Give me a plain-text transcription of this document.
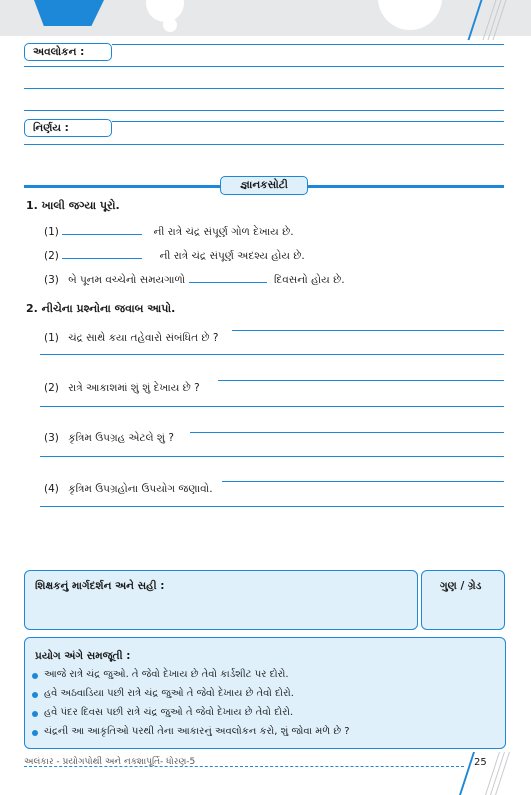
અવલોકન :
નિર્ણય :
જ્ઞાનકસોટી
1. ખાલી જગ્યા પૂરો.
(1)	ની રાત્રે ચંદ્ર સંપૂર્ણ ગોળ દેખાય છે.
(2)	ની રાત્રે ચંદ્ર સંપૂર્ણ અદશ્ય હોય છે.
(3) બે પૂનમ વચ્ચેનો સમયગાળો	દિવસનો હોય છે.
2. નીચેના પ્રશ્નોના જવાબ આપો.
(1) ચંદ્ર સાથે કયા તહેવારો સંબંધિત છે ?
(2) રાત્રે આકાશમાં શું શું દેખાય છે ?
(3) કૃત્રિમ ઉપગ્રહ એટલે શું ?
(4) કૃત્રિમ ઉપગ્રહોના ઉપયોગ જણાવો.
શિક્ષકનું માર્ગદર્શન અને સહી :	ગુણ / ગ્રેડ
પ્રયોગ અંગે સમજૂતી :
આજે રાત્રે ચંદ્ર જુઓ. તે જેવો દેખાય છે તેવો કાર્ડશીટ પર દોરો.
હવે અઠવાડિયા પછી રાત્રે ચંદ્ર જુઓ તે જેવો દેખાય છે તેવો દોરો.
હવે પંદર દિવસ પછી રાત્રે ચંદ્ર જુઓ તે જેવો દેખાય છે તેવો દોરો.
ચંદ્રની આ આકૃતિઓ પરથી તેના આકારનું અવલોકન કરો, શું જોવા મળે છે ?
અલંકાર - પ્રયોગપોથી અને નકશાપૂર્તિ- ધોરણ-5	25
